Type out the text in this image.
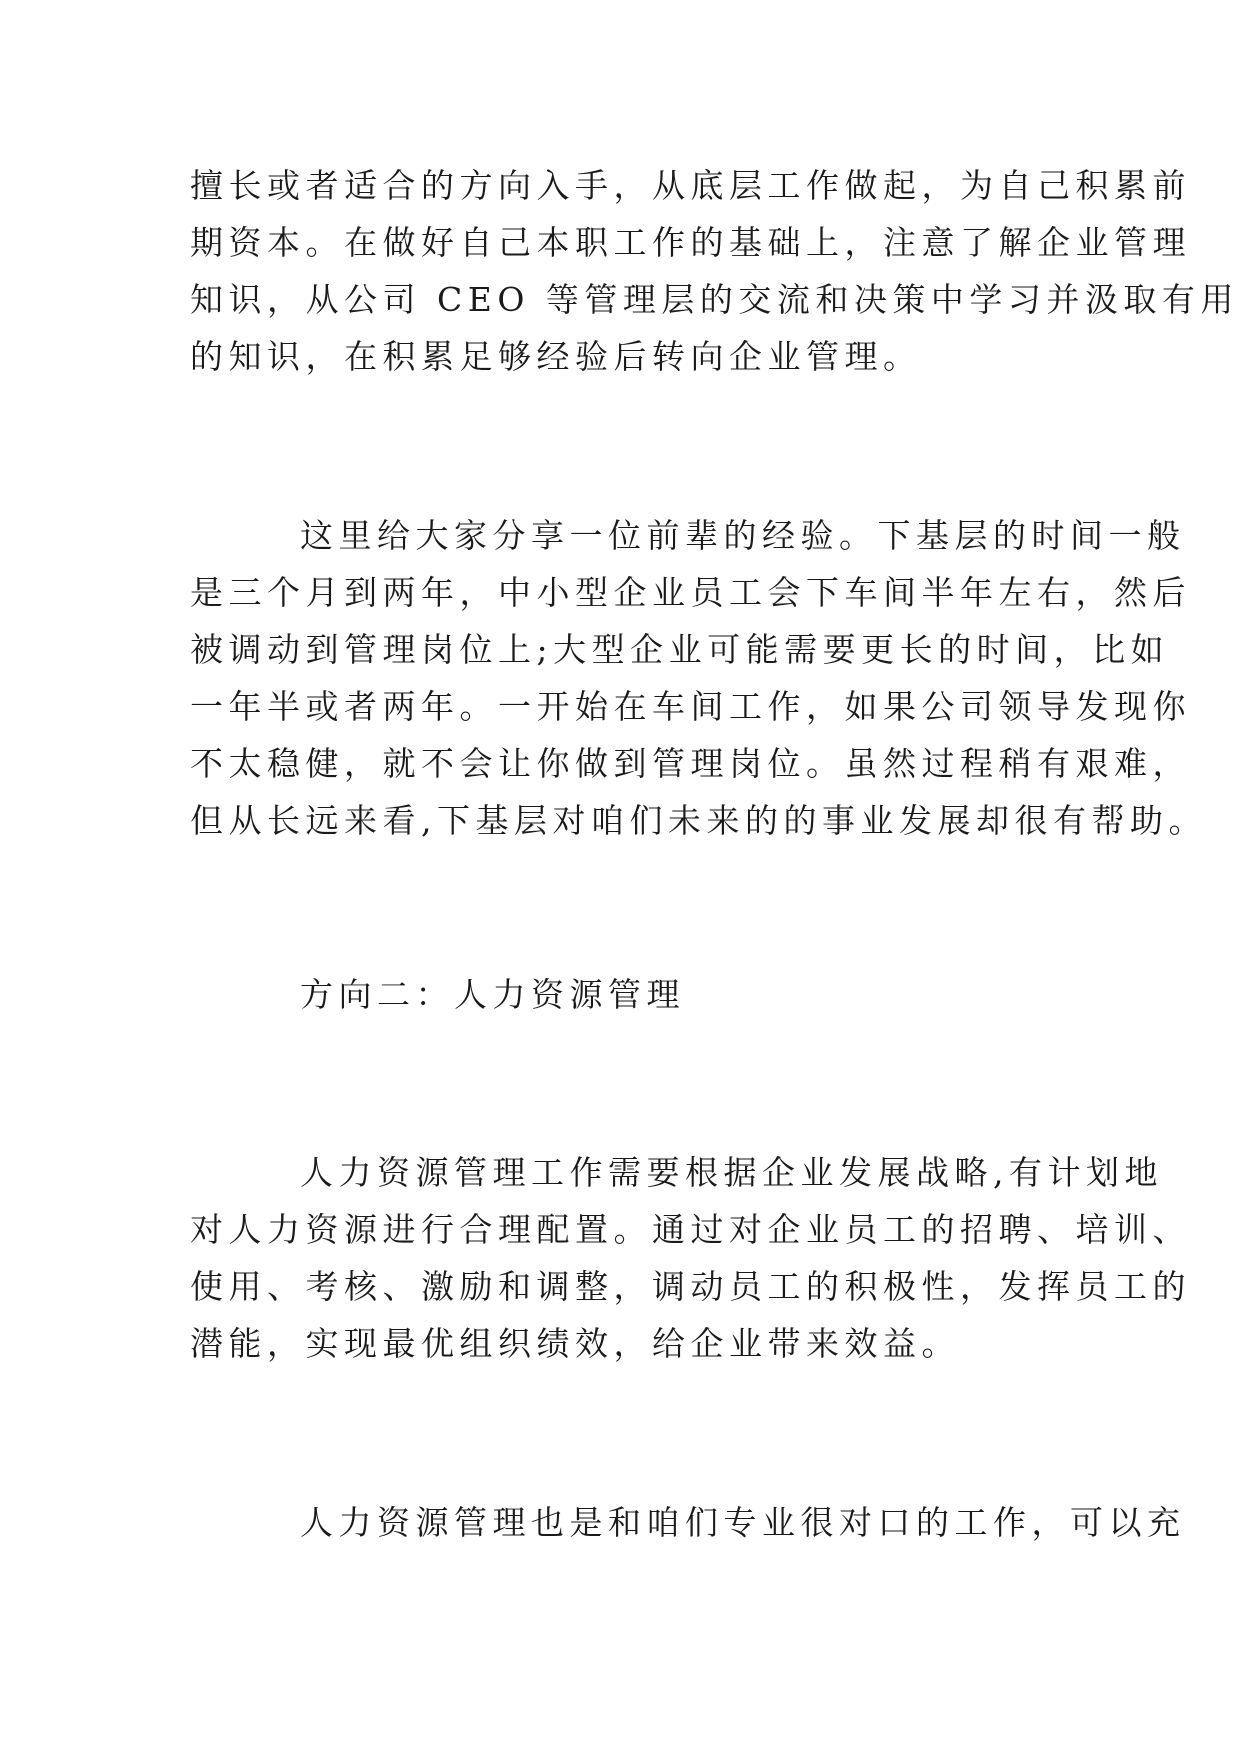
擅长或者适合的方向入手，从底层工作做起，为自己积累前
期资本。在做好自己本职工作的基础上，注意了解企业管理
知识，从公司 CEO 等管理层的交流和决策中学习并汲取有用
的知识，在积累足够经验后转向企业管理。
这里给大家分享一位前辈的经验。下基层的时间一般
是三个月到两年，中小型企业员工会下车间半年左右，然后
被调动到管理岗位上;大型企业可能需要更长的时间，比如
一年半或者两年。一开始在车间工作，如果公司领导发现你
不太稳健，就不会让你做到管理岗位。虽然过程稍有艰难，
但从长远来看,下基层对咱们未来的的事业发展却很有帮助。
方向二：人力资源管理
人力资源管理工作需要根据企业发展战略,有计划地
对人力资源进行合理配置。通过对企业员工的招聘、培训、
使用、考核、激励和调整，调动员工的积极性，发挥员工的
潜能，实现最优组织绩效，给企业带来效益。
人力资源管理也是和咱们专业很对口的工作，可以充
